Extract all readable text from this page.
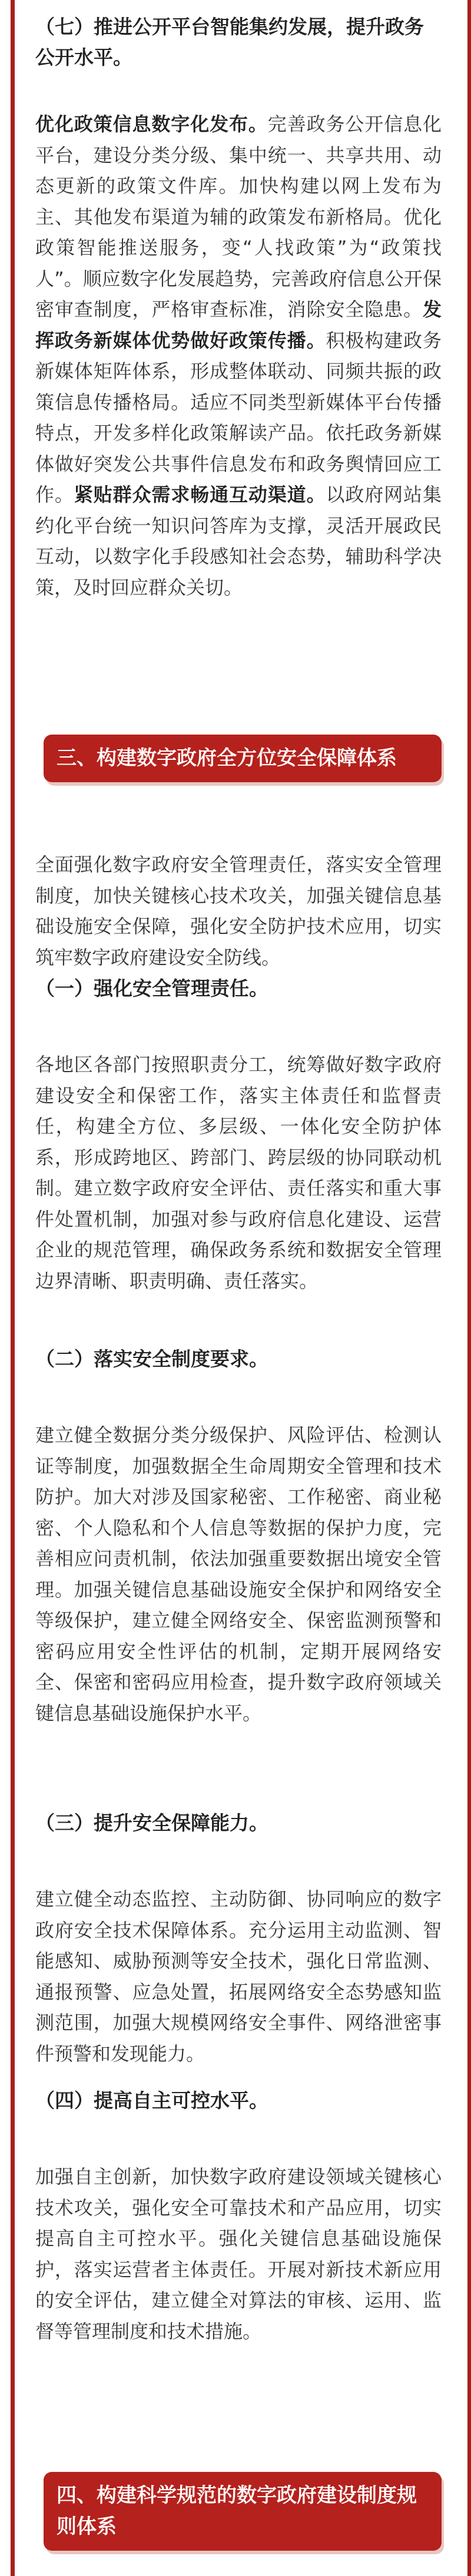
（七）推进公开平台智能集约发展，提升政务公开水平。

优化政策信息数字化发布。完善政务公开信息化平台，建设分类分级、集中统一、共享共用、动态更新的政策文件库。加快构建以网上发布为主、其他发布渠道为辅的政策发布新格局。优化政策智能推送服务，变“人找政策”为“政策找人”。顺应数字化发展趋势，完善政府信息公开保密审查制度，严格审查标准，消除安全隐患。发挥政务新媒体优势做好政策传播。积极构建政务新媒体矩阵体系，形成整体联动、同频共振的政策信息传播格局。适应不同类型新媒体平台传播特点，开发多样化政策解读产品。依托政务新媒体做好突发公共事件信息发布和政务舆情回应工作。紧贴群众需求畅通互动渠道。以政府网站集约化平台统一知识问答库为支撑，灵活开展政民互动，以数字化手段感知社会态势，辅助科学决策，及时回应群众关切。

三、构建数字政府全方位安全保障体系

全面强化数字政府安全管理责任，落实安全管理制度，加快关键核心技术攻关，加强关键信息基础设施安全保障，强化安全防护技术应用，切实筑牢数字政府建设安全防线。

（一）强化安全管理责任。

各地区各部门按照职责分工，统筹做好数字政府建设安全和保密工作，落实主体责任和监督责任，构建全方位、多层级、一体化安全防护体系，形成跨地区、跨部门、跨层级的协同联动机制。建立数字政府安全评估、责任落实和重大事件处置机制，加强对参与政府信息化建设、运营企业的规范管理，确保政务系统和数据安全管理边界清晰、职责明确、责任落实。

（二）落实安全制度要求。

建立健全数据分类分级保护、风险评估、检测认证等制度，加强数据全生命周期安全管理和技术防护。加大对涉及国家秘密、工作秘密、商业秘密、个人隐私和个人信息等数据的保护力度，完善相应问责机制，依法加强重要数据出境安全管理。加强关键信息基础设施安全保护和网络安全等级保护，建立健全网络安全、保密监测预警和密码应用安全性评估的机制，定期开展网络安全、保密和密码应用检查，提升数字政府领域关键信息基础设施保护水平。

（三）提升安全保障能力。

建立健全动态监控、主动防御、协同响应的数字政府安全技术保障体系。充分运用主动监测、智能感知、威胁预测等安全技术，强化日常监测、通报预警、应急处置，拓展网络安全态势感知监测范围，加强大规模网络安全事件、网络泄密事件预警和发现能力。

（四）提高自主可控水平。

加强自主创新，加快数字政府建设领域关键核心技术攻关，强化安全可靠技术和产品应用，切实提高自主可控水平。强化关键信息基础设施保护，落实运营者主体责任。开展对新技术新应用的安全评估，建立健全对算法的审核、运用、监督等管理制度和技术措施。

四、构建科学规范的数字政府建设制度规则体系
